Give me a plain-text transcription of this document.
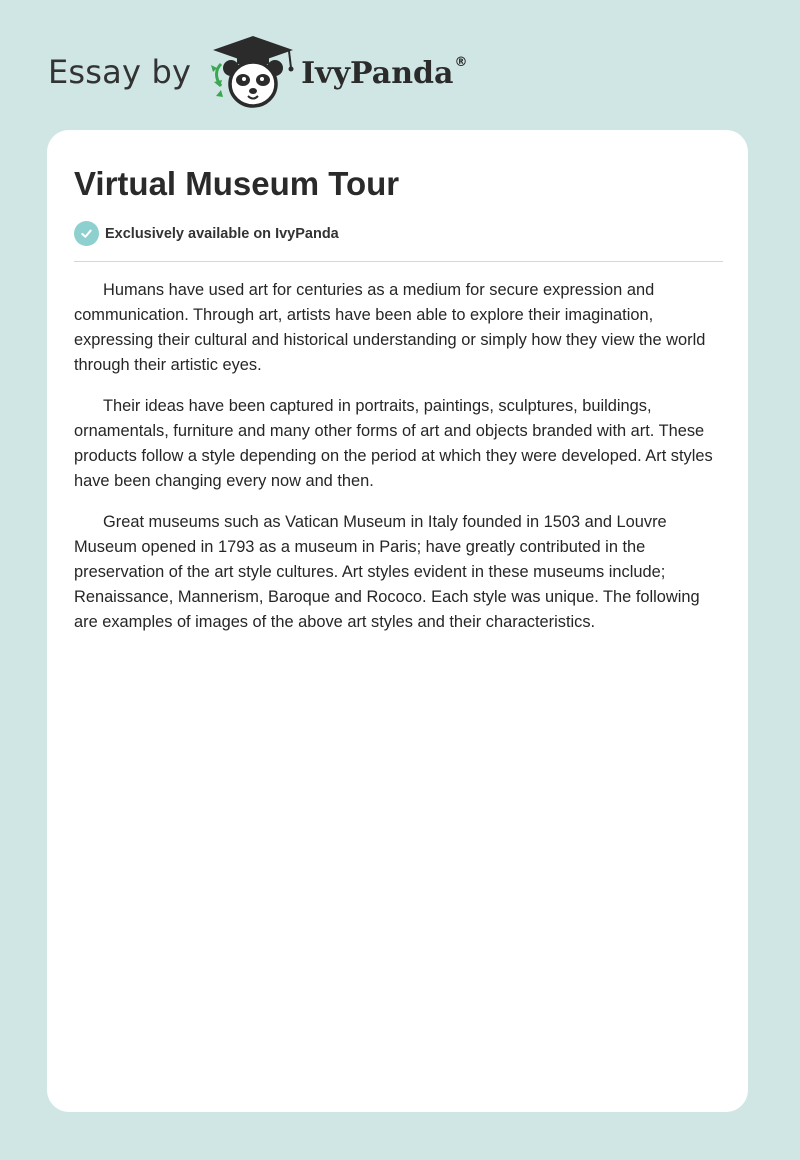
Essay by	IvyPanda®
Virtual Museum Tour
Exclusively available on IvyPanda

Humans have used art for centuries as a medium for secure expression and communication. Through art, artists have been able to explore their imagination, expressing their cultural and historical understanding or simply how they view the world through their artistic eyes.

Their ideas have been captured in portraits, paintings, sculptures, buildings, ornamentals, furniture and many other forms of art and objects branded with art. These products follow a style depending on the period at which they were developed. Art styles have been changing every now and then.

Great museums such as Vatican Museum in Italy founded in 1503 and Louvre Museum opened in 1793 as a museum in Paris; have greatly contributed in the preservation of the art style cultures. Art styles evident in these museums include; Renaissance, Mannerism, Baroque and Rococo. Each style was unique. The following are examples of images of the above art styles and their characteristics.
